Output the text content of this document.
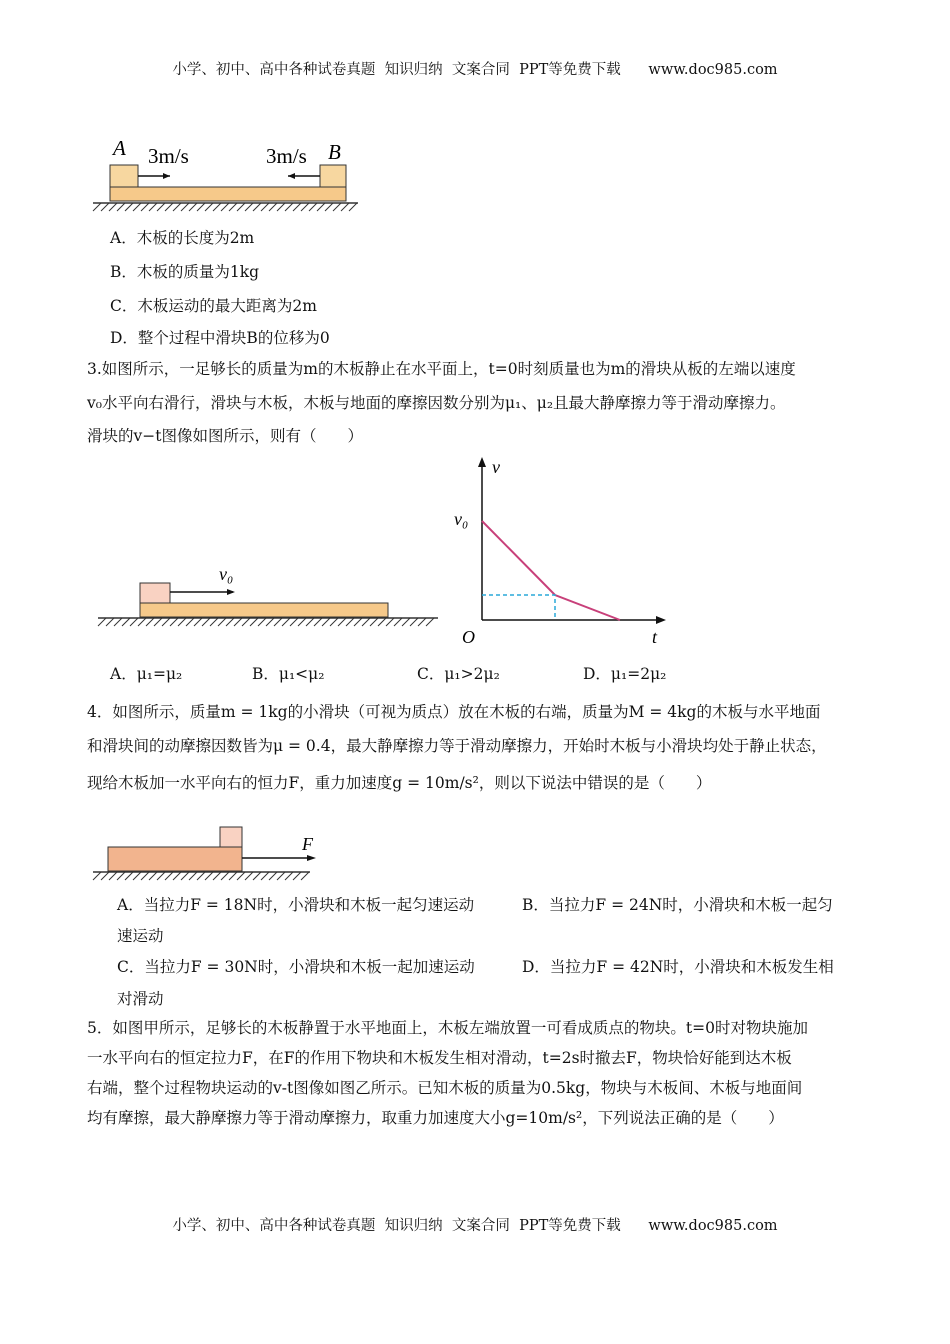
小学、初中、高中各种试卷真题  知识归纳  文案合同  PPT等免费下载      www.doc985.com
A	B
3m/s	3m/s
A．木板的长度为2m
B．木板的质量为1kg
C．木板运动的最大距离为2m
D．整个过程中滑块B的位移为0
3.如图所示，一足够长的质量为m的木板静止在水平面上，t=0时刻质量也为m的滑块从板的左端以速度
v₀水平向右滑行，滑块与木板，木板与地面的摩擦因数分别为μ₁、μ₂且最大静摩擦力等于滑动摩擦力。
滑块的v−t图像如图所示，则有（　　）
v₀
v
v₀
O	t
A．μ₁=μ₂	B．μ₁<μ₂	C．μ₁>2μ₂	D．μ₁=2μ₂
4．如图所示，质量m = 1kg的小滑块（可视为质点）放在木板的右端，质量为M = 4kg的木板与水平地面
和滑块间的动摩擦因数皆为μ = 0.4，最大静摩擦力等于滑动摩擦力，开始时木板与小滑块均处于静止状态，
现给木板加一水平向右的恒力F，重力加速度g = 10m/s²，则以下说法中错误的是（　　）
F
A．当拉力F = 18N时，小滑块和木板一起匀速运动	B．当拉力F = 24N时，小滑块和木板一起匀
速运动
C．当拉力F = 30N时，小滑块和木板一起加速运动	D．当拉力F = 42N时，小滑块和木板发生相
对滑动
5．如图甲所示，足够长的木板静置于水平地面上，木板左端放置一可看成质点的物块。t=0时对物块施加
一水平向右的恒定拉力F，在F的作用下物块和木板发生相对滑动，t=2s时撤去F，物块恰好能到达木板
右端，整个过程物块运动的v-t图像如图乙所示。已知木板的质量为0.5kg，物块与木板间、木板与地面间
均有摩擦，最大静摩擦力等于滑动摩擦力，取重力加速度大小g=10m/s²，下列说法正确的是（　　）
小学、初中、高中各种试卷真题  知识归纳  文案合同  PPT等免费下载      www.doc985.com
